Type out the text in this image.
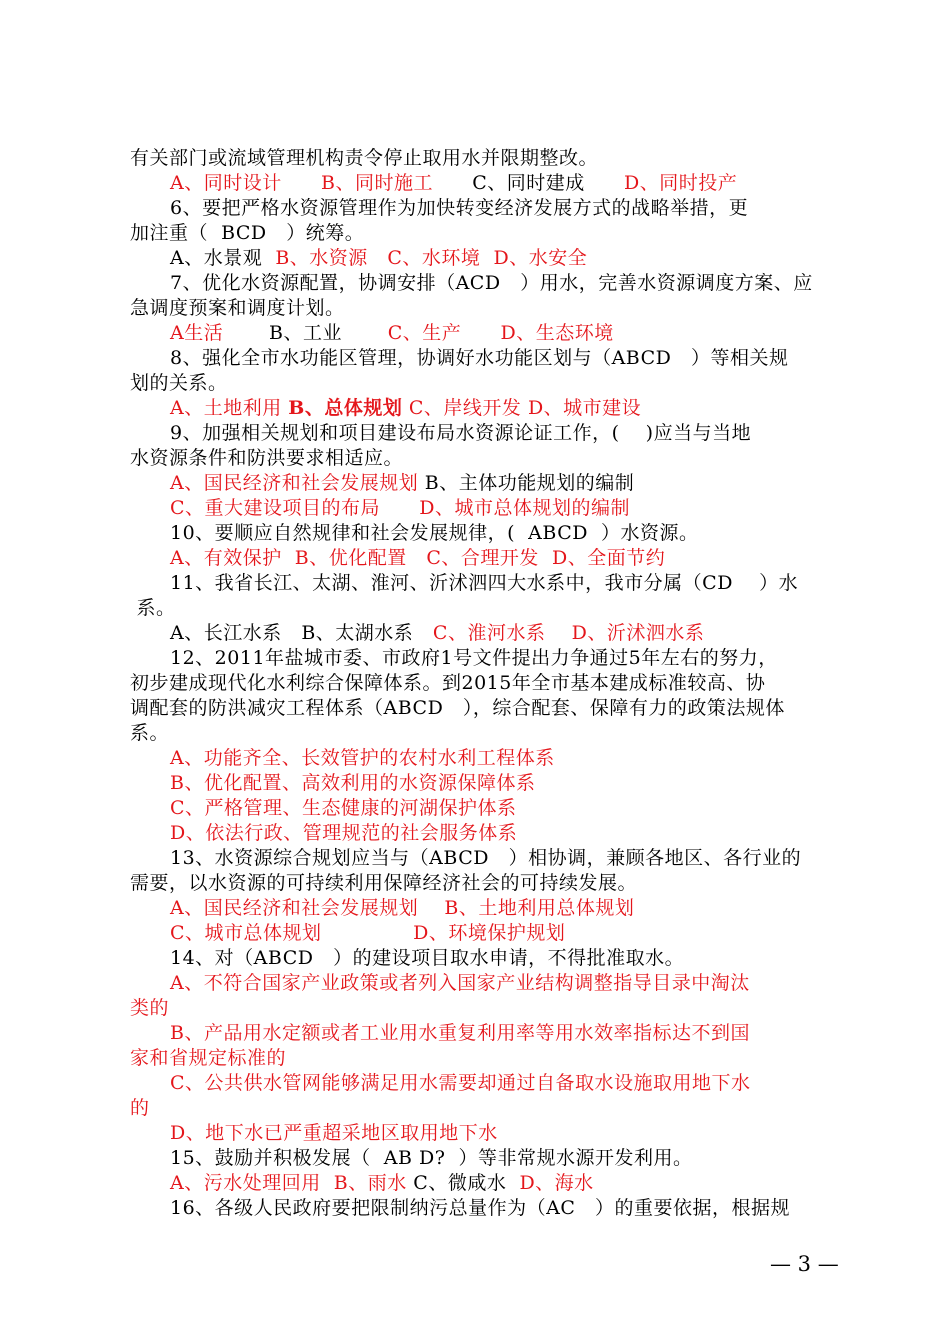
有关部门或流域管理机构责令停止取用水并限期整改。
A、同时设计 B、同时施工      C、同时建成      D、同时投产
6、要把严格水资源管理作为加快转变经济发展方式的战略举措，更
加注重（  BCD   ）统筹。
A、水景观  B、水资源   C、水环境  D、水安全
7、优化水资源配置，协调安排（ACD   ）用水，完善水资源调度方案、应
急调度预案和调度计划。
A生活       B、工业       C、生产      D、生态环境
8、强化全市水功能区管理，协调好水功能区划与（ABCD   ）等相关规
划的关系。
A、土地利用 B、总体规划 C、岸线开发 D、城市建设
9、加强相关规划和项目建设布局水资源论证工作，(    )应当与当地
水资源条件和防洪要求相适应。
A、国民经济和社会发展规划 B、主体功能规划的编制
C、重大建设项目的布局      D、城市总体规划的编制
10、要顺应自然规律和社会发展规律，(  ABCD  ）水资源。
A、有效保护  B、优化配置   C、合理开发  D、全面节约
11、我省长江、太湖、淮河、沂沭泗四大水系中，我市分属（CD    ）水
系。
A、长江水系   B、太湖水系   C、淮河水系    D、沂沭泗水系
12、2011年盐城市委、市政府1号文件提出力争通过5年左右的努力，
初步建成现代化水利综合保障体系。到2015年全市基本建成标准较高、协
调配套的防洪减灾工程体系（ABCD   ），综合配套、保障有力的政策法规体
系。
A、功能齐全、长效管护的农村水利工程体系
B、优化配置、高效利用的水资源保障体系
C、严格管理、生态健康的河湖保护体系
D、依法行政、管理规范的社会服务体系
13、水资源综合规划应当与（ABCD   ）相协调，兼顾各地区、各行业的
需要，以水资源的可持续利用保障经济社会的可持续发展。
A、国民经济和社会发展规划    B、土地利用总体规划
C、城市总体规划              D、环境保护规划
14、对（ABCD   ）的建设项目取水申请，不得批准取水。
A、不符合国家产业政策或者列入国家产业结构调整指导目录中淘汰
类的
B、产品用水定额或者工业用水重复利用率等用水效率指标达不到国
家和省规定标准的
C、公共供水管网能够满足用水需要却通过自备取水设施取用地下水
的
D、地下水已严重超采地区取用地下水
15、鼓励并积极发展（  AB D?  ）等非常规水源开发利用。
A、污水处理回用  B、雨水 C、微咸水  D、海水
16、各级人民政府要把限制纳污总量作为（AC   ）的重要依据，根据规
— 3 —
